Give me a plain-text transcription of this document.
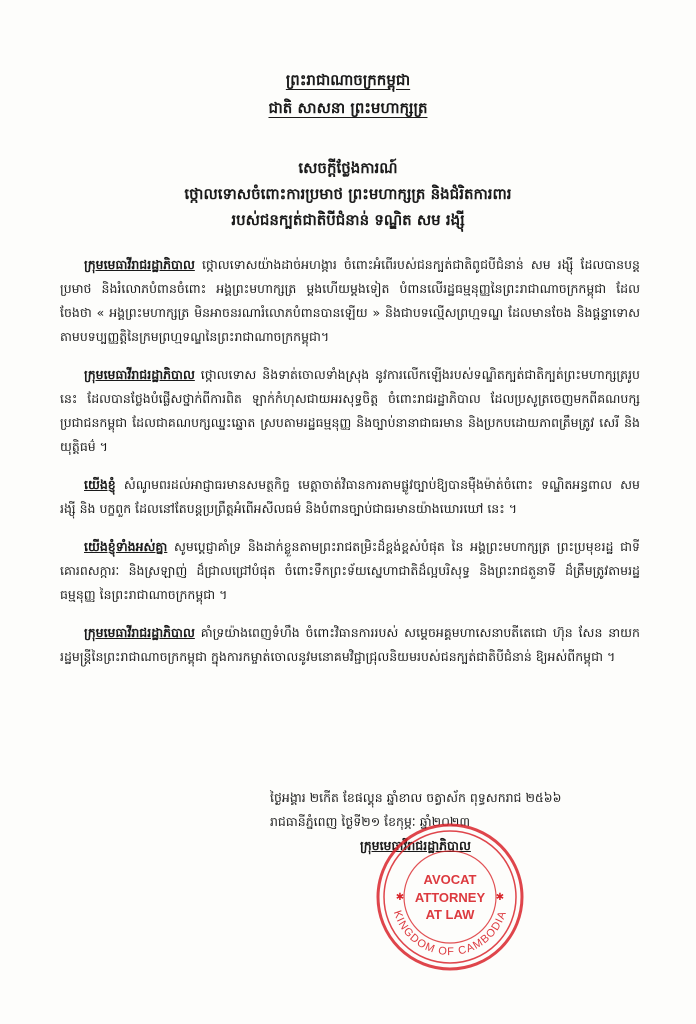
ព្រះរាជាណាចក្រកម្ពុជា
ជាតិ សាសនា ព្រះមហាក្សត្រ
សេចក្ដីថ្លែងការណ៍
ថ្កោលទោសចំពោះការប្រមាថ ព្រះមហាក្សត្រ និងជំរិតការពារ
របស់ជនក្បត់ជាតិបីជំនាន់ ទណ្ឌិត សម រង្ស៊ី

ក្រុមមេធាវីរាជរដ្ឋាភិបាល ថ្កោលទោសយ៉ាងដាច់អហង្ការ ចំពោះអំពើរបស់ជនក្បត់ជាតិពូជបីជំនាន់ សម រង្ស៊ី ដែលបានបន្តប្រមាថ និងរំលោភបំពានចំពោះ អង្គព្រះមហាក្សត្រ ម្ដងហើយម្ដងទៀត បំពានលើរដ្ឋធម្មនុញ្ញនៃព្រះរាជាណាចក្រកម្ពុជា ដែលចែងថា « អង្គព្រះមហាក្សត្រ មិនអាចនរណារំលោភបំពានបានឡើយ » និងជាបទល្មើសព្រហ្មទណ្ឌ ដែលមានចែង និងផ្ដន្ទាទោស តាមបទប្បញ្ញត្តិនៃក្រមព្រហ្មទណ្ឌនៃព្រះរាជាណាចក្រកម្ពុជា។

ក្រុមមេធាវីរាជរដ្ឋាភិបាល ថ្កោលទោស និងទាត់ចោលទាំងស្រុង នូវការលើកឡើងរបស់ទណ្ឌិតក្បត់ជាតិក្បត់ព្រះមហាក្សត្ររូបនេះ ដែលបានថ្លែងបំផ្លើសថ្នាក់ពីការពិត ឡាក់កំហុសជាយអរសុទ្ធចិត្ត ចំពោះរាជរដ្ឋាភិបាល ដែលប្រសូត្រចេញមកពីគណបក្សប្រជាជនកម្ពុជា ដែលជាគណបក្សឈ្នះឆ្នោត ស្របតាមរដ្ឋធម្មនុញ្ញ និងច្បាប់នានាជាធរមាន និងប្រកបដោយភាពត្រឹមត្រូវ សេរី និងយុត្តិធម៌ ។

យើងខ្ញុំ សំណូមពរដល់អាជ្ញាធរមានសមត្ថកិច្ច មេត្តាចាត់វិធានការតាមផ្លូវច្បាប់ឱ្យបានម៉ឺងម៉ាត់ចំពោះ ទណ្ឌិតអន្ធពាល សម រង្ស៊ី និង បក្ខពួក ដែលនៅតែបន្តប្រព្រឹត្តអំពើអសីលធម៌ និងបំពានច្បាប់ជាធរមានយ៉ាងឃោរឃៅ នេះ ។

យើងខ្ញុំទាំងអស់គ្នា សូមប្ដេជ្ញាគាំទ្រ និងដាក់ខ្លួនតាមព្រះរាជតម្រិះដ៏ខ្ពង់ខ្ពស់បំផុត នៃ អង្គព្រះមហាក្សត្រ ព្រះប្រមុខរដ្ឋ ជាទីគោរពសក្ការៈ និងស្រឡាញ់ ដ៏ជ្រាលជ្រៅបំផុត ចំពោះទឹកព្រះទ័យស្នេហាជាតិដ៏ល្អបរិសុទ្ធ និងព្រះរាជតួនាទី ដ៏ត្រឹមត្រូវតាមរដ្ឋធម្មនុញ្ញ នៃព្រះរាជាណាចក្រកម្ពុជា ។

ក្រុមមេធាវីរាជរដ្ឋាភិបាល គាំទ្រយ៉ាងពេញទំហឹង ចំពោះវិធានការរបស់ សម្ដេចអគ្គមហាសេនាបតីតេជោ ហ៊ុន សែន នាយករដ្ឋមន្ត្រីនៃព្រះរាជាណាចក្រកម្ពុជា ក្នុងការកម្ចាត់ចោលនូវមនោគមវិជ្ជាជ្រុលនិយមរបស់ជនក្បត់ជាតិបីជំនាន់ ឱ្យអស់ពីកម្ពុជា ។

ថ្ងៃអង្គារ ២កើត ខែផល្គុន ឆ្នាំខាល ចត្វាស័ក ពុទ្ធសករាជ ២៥៦៦
រាជធានីភ្នំពេញ ថ្ងៃទី២១ ខែកុម្ភៈ ឆ្នាំ២០២៣
ក្រុមមេធាវីរាជរដ្ឋាភិបាល
KINGDOM OF CAMBODIA
AVOCAT
ATTORNEY
AT LAW
✱	✱
